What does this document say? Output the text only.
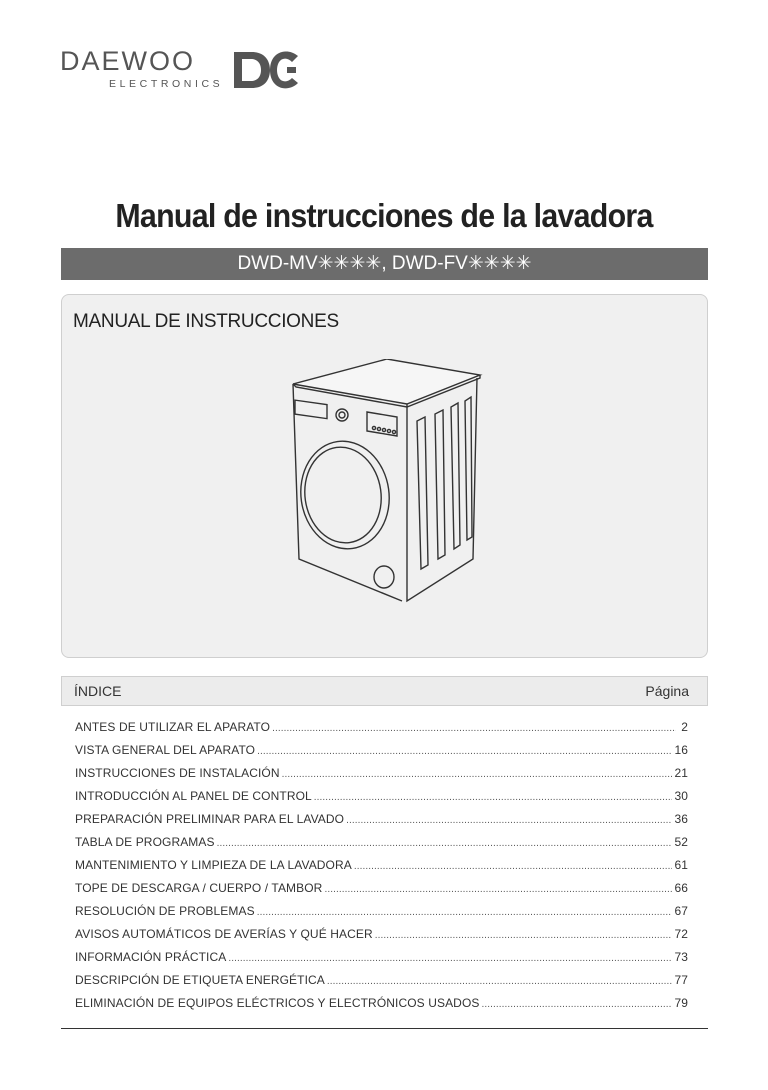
DAEWOO
ELECTRONICS
Manual de instrucciones de la lavadora
DWD-MV✳✳✳✳, DWD-FV✳✳✳✳
MANUAL DE INSTRUCCIONES
ÍNDICE	Página
ANTES DE UTILIZAR EL APARATO .....	2
VISTA GENERAL DEL APARATO .....	16
INSTRUCCIONES DE INSTALACIÓN .....	21
INTRODUCCIÓN AL PANEL DE CONTROL .....	30
PREPARACIÓN PRELIMINAR PARA EL LAVADO .....	36
TABLA DE PROGRAMAS .....	52
MANTENIMIENTO Y LIMPIEZA DE LA LAVADORA .....	61
TOPE DE DESCARGA / CUERPO / TAMBOR .....	66
RESOLUCIÓN DE PROBLEMAS .....	67
AVISOS AUTOMÁTICOS DE AVERÍAS Y QUÉ HACER .....	72
INFORMACIÓN PRÁCTICA .....	73
DESCRIPCIÓN DE ETIQUETA ENERGÉTICA .....	77
ELIMINACIÓN DE EQUIPOS ELÉCTRICOS Y ELECTRÓNICOS USADOS .....	79
